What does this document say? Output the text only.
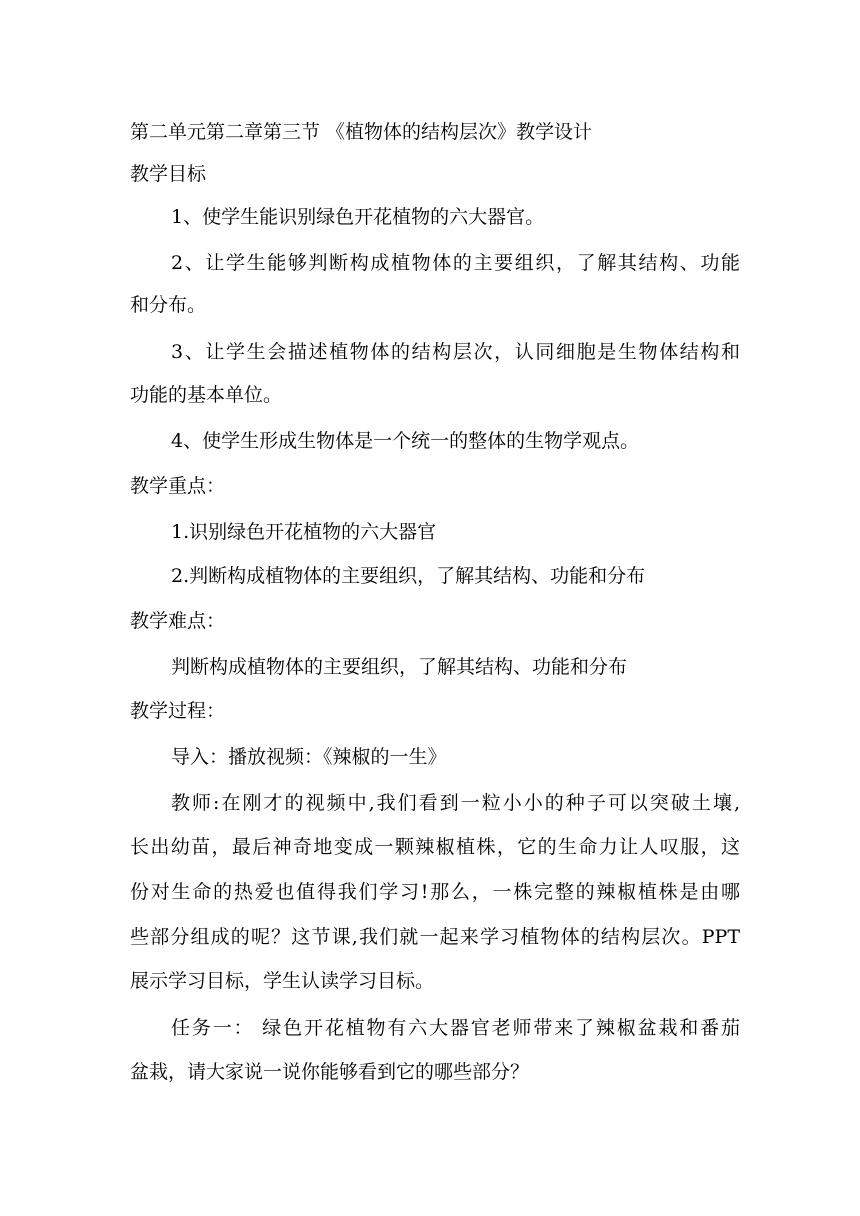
第二单元第二章第三节 《植物体的结构层次》教学设计

教学目标

1、使学生能识别绿色开花植物的六大器官。

2、让学生能够判断构成植物体的主要组织，了解其结构、功能

和分布。

3、让学生会描述植物体的结构层次，认同细胞是生物体结构和

功能的基本单位。

4、使学生形成生物体是一个统一的整体的生物学观点。

教学重点：

1.识别绿色开花植物的六大器官

2.判断构成植物体的主要组织，了解其结构、功能和分布

教学难点：

判断构成植物体的主要组织，了解其结构、功能和分布

教学过程：

导入：播放视频：《辣椒的一生》

教师:在刚才的视频中,我们看到一粒小小的种子可以突破土壤,

长出幼苗，最后神奇地变成一颗辣椒植株，它的生命力让人叹服，这

份对生命的热爱也值得我们学习!那么，一株完整的辣椒植株是由哪

些部分组成的呢？这节课,我们就一起来学习植物体的结构层次。PPT

展示学习目标，学生认读学习目标。

任务一： 绿色开花植物有六大器官老师带来了辣椒盆栽和番茄

盆栽，请大家说一说你能够看到它的哪些部分？
